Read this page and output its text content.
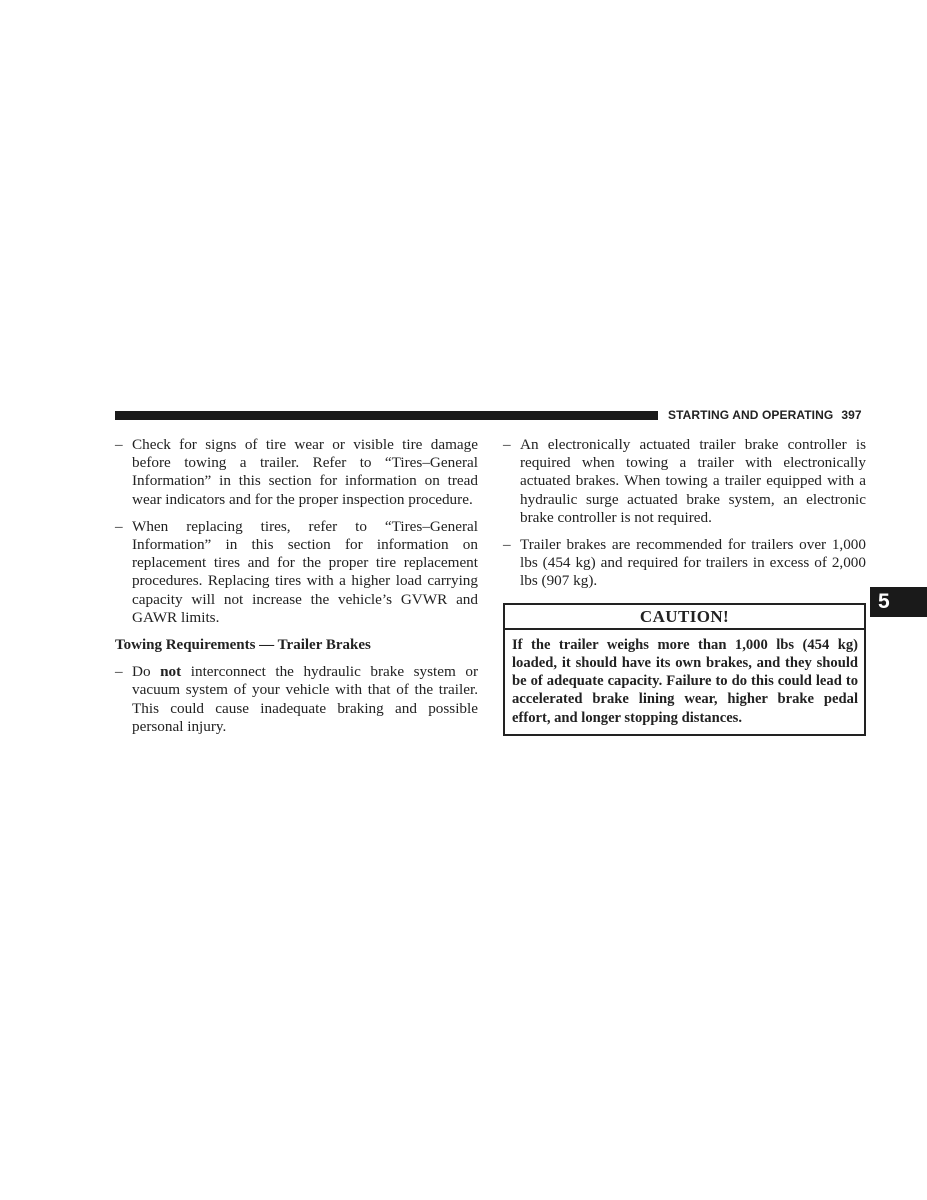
STARTING AND OPERATING 397
5

– Check for signs of tire wear or visible tire damage before towing a trailer. Refer to “Tires–General Information” in this section for information on tread wear indicators and for the proper inspection procedure.

– When replacing tires, refer to “Tires–General Information” in this section for information on replacement tires and for the proper tire replacement procedures. Replacing tires with a higher load carrying capacity will not increase the vehicle’s GVWR and GAWR limits.

Towing Requirements — Trailer Brakes

– Do not interconnect the hydraulic brake system or vacuum system of your vehicle with that of the trailer. This could cause inadequate braking and possible personal injury.

– An electronically actuated trailer brake controller is required when towing a trailer with electronically actuated brakes. When towing a trailer equipped with a hydraulic surge actuated brake system, an electronic brake controller is not required.

– Trailer brakes are recommended for trailers over 1,000 lbs (454 kg) and required for trailers in excess of 2,000 lbs (907 kg).

CAUTION!
If the trailer weighs more than 1,000 lbs (454 kg) loaded, it should have its own brakes, and they should be of adequate capacity. Failure to do this could lead to accelerated brake lining wear, higher brake pedal effort, and longer stopping distances.
